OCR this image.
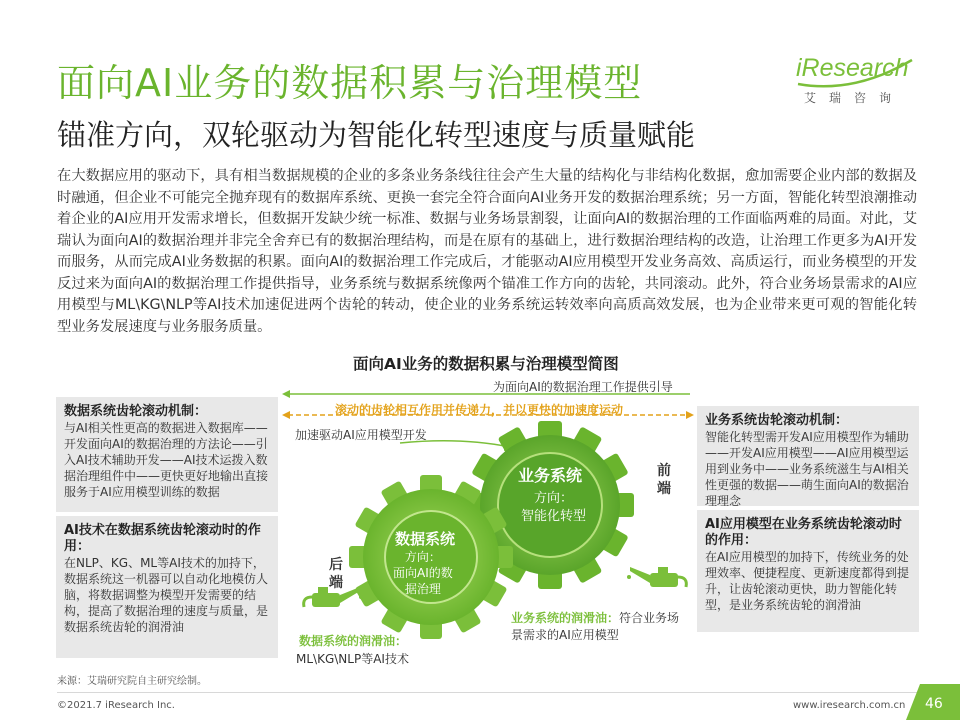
面向AI业务的数据积累与治理模型
锚准方向，双轮驱动为智能化转型速度与质量赋能
iResearch
艾瑞咨询
在大数据应用的驱动下，具有相当数据规模的企业的多条业务条线往往会产生大量的结构化与非结构化数据，愈加需要企业内部的数据及时融通，但企业不可能完全抛弃现有的数据库系统、更换一套完全符合面向AI业务开发的数据治理系统；另一方面，智能化转型浪潮推动着企业的AI应用开发需求增长，但数据开发缺少统一标准、数据与业务场景割裂，让面向AI的数据治理的工作面临两难的局面。对此，艾瑞认为面向AI的数据治理并非完全舍弃已有的数据治理结构，而是在原有的基础上，进行数据治理结构的改造，让治理工作更多为AI开发而服务，从而完成AI业务数据的积累。面向AI的数据治理工作完成后，才能驱动AI应用模型开发业务高效、高质运行，而业务模型的开发反过来为面向AI的数据治理工作提供指导，业务系统与数据系统像两个锚准工作方向的齿轮，共同滚动。此外，符合业务场景需求的AI应用模型与ML\KG\NLP等AI技术加速促进两个齿轮的转动，使企业的业务系统运转效率向高质高效发展，也为企业带来更可观的智能化转型业务发展速度与业务服务质量。
面向AI业务的数据积累与治理模型简图
数据系统齿轮滚动机制：
与AI相关性更高的数据进入数据库——开发面向AI的数据治理的方法论——引入AI技术辅助开发——AI技术运拨入数据治理组件中——更快更好地输出直接服务于AI应用模型训练的数据
AI技术在数据系统齿轮滚动时的作用：
在NLP、KG、ML等AI技术的加持下，数据系统这一机器可以自动化地模仿人脑，将数据调整为模型开发需要的结构，提高了数据治理的速度与质量，是数据系统齿轮的润滑油
业务系统齿轮滚动机制：
智能化转型需开发AI应用模型作为辅助——开发AI应用模型——AI应用模型运用到业务中——业务系统滋生与AI相关性更强的数据——萌生面向AI的数据治理理念
AI应用模型在业务系统齿轮滚动时的作用：
在AI应用模型的加持下，传统业务的处理效率、便捷程度、更新速度都得到提升，让齿轮滚动更快，助力智能化转型，是业务系统齿轮的润滑油
为面向AI的数据治理工作提供引导
滚动的齿轮相互作用并传递力，并以更快的加速度运动
加速驱动AI应用模型开发
业务系统
方向：
智能化转型
数据系统
方向：
面向AI的数
据治理
前端
后端
数据系统的润滑油：
ML\KG\NLP等AI技术
业务系统的润滑油：符合业务场景需求的AI应用模型
来源：艾瑞研究院自主研究绘制。
©2021.7 iResearch Inc.	www.iresearch.com.cn 46
